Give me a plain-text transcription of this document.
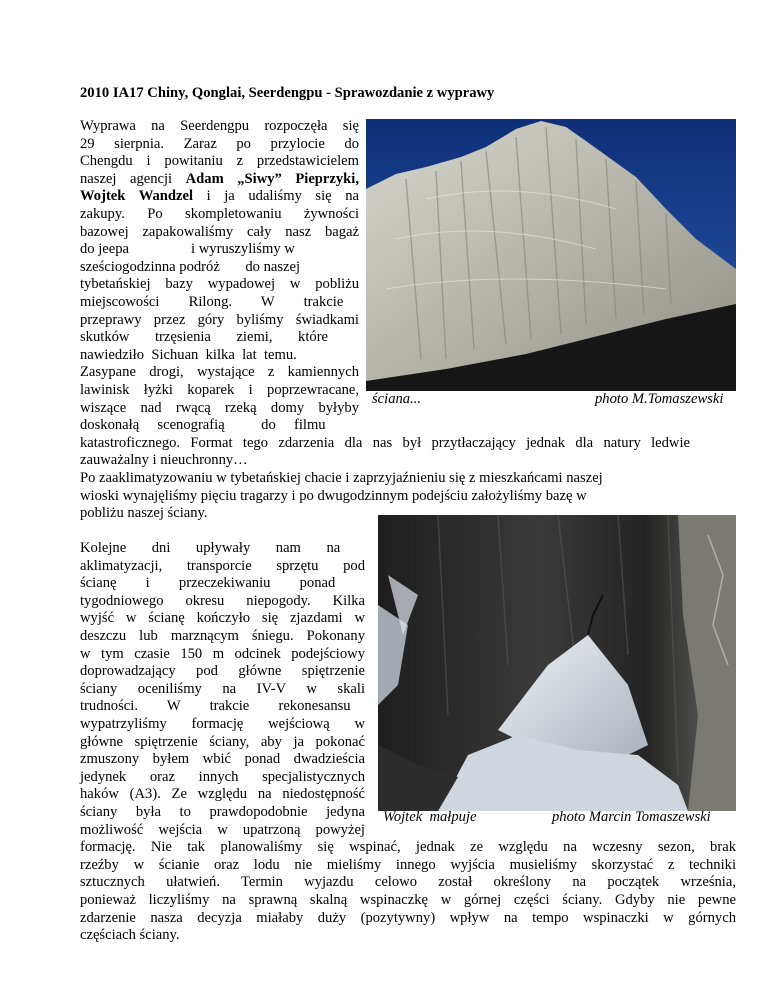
2010 IA17 Chiny, Qonglai, Seerdengpu - Sprawozdanie z wyprawy

Wyprawa na Seerdengpu rozpoczęła się
29 sierpnia. Zaraz po przylocie do
Chengdu i powitaniu z przedstawicielem
naszej agencji Adam „Siwy” Pieprzyki,
Wojtek Wandzel i ja udaliśmy się na
zakupy. Po skompletowaniu żywności
bazowej zapakowaliśmy cały nasz bagaż
do jeepa                 i wyruszyliśmy w
sześciogodzinna podróż       do naszej
tybetańskiej bazy wypadowej w pobliżu
miejscowości        Rilong.        W        trakcie
przeprawy przez góry byliśmy świadkami
skutków       trzęsienia       ziemi,       które
nawiedziło  Sichuan  kilka  lat  temu.
Zasypane drogi, wystające z kamiennych
lawinisk łyżki koparek i poprzewracane,
wiszące nad rwącą rzeką domy byłyby
doskonałą     scenografią          do     filmu
katastroficznego. Format tego zdarzenia dla nas był przytłaczający jednak dla natury ledwie
zauważalny i nieuchronny…
ściana...	photo M.Tomaszewski
Po zaaklimatyzowaniu w tybetańskiej chacie i zaprzyjaźnieniu się z mieszkańcami naszej
wioski wynajęliśmy pięciu tragarzy i po dwugodzinnym podejściu założyliśmy bazę w
pobliżu naszej ściany.
Kolejne       dni       upływały       nam       na
aklimatyzacji, transporcie sprzętu pod
ścianę        i        przeczekiwaniu        ponad
tygodniowego okresu niepogody. Kilka
wyjść w ścianę kończyło się zjazdami w
deszczu lub marznącym śniegu. Pokonany
w tym czasie 150 m odcinek podejściowy
doprowadzający pod główne spiętrzenie
ściany oceniliśmy na IV-V w skali
trudności.        W        trakcie        rekonesansu
wypatrzyliśmy formację wejściową w
główne spiętrzenie ściany, aby ja pokonać
zmuszony byłem wbić ponad dwadzieścia
jedynek oraz innych specjalistycznych
haków (A3). Ze względu na niedostępność
ściany była to prawdopodobnie jedyna
możliwość wejścia w upatrzoną powyżej
formację. Nie tak planowaliśmy się wspinać, jednak ze względu na wczesny sezon, brak
rzeźby w ścianie oraz lodu nie mieliśmy innego wyjścia musieliśmy skorzystać z techniki
sztucznych ułatwień. Termin wyjazdu celowo został określony na początek września,
ponieważ liczyliśmy na sprawną skalną wspinaczkę w górnej części ściany. Gdyby nie pewne
zdarzenie nasza decyzja miałaby duży (pozytywny) wpływ na tempo wspinaczki w górnych
częściach ściany.
Wojtek  małpuje	photo Marcin Tomaszewski
